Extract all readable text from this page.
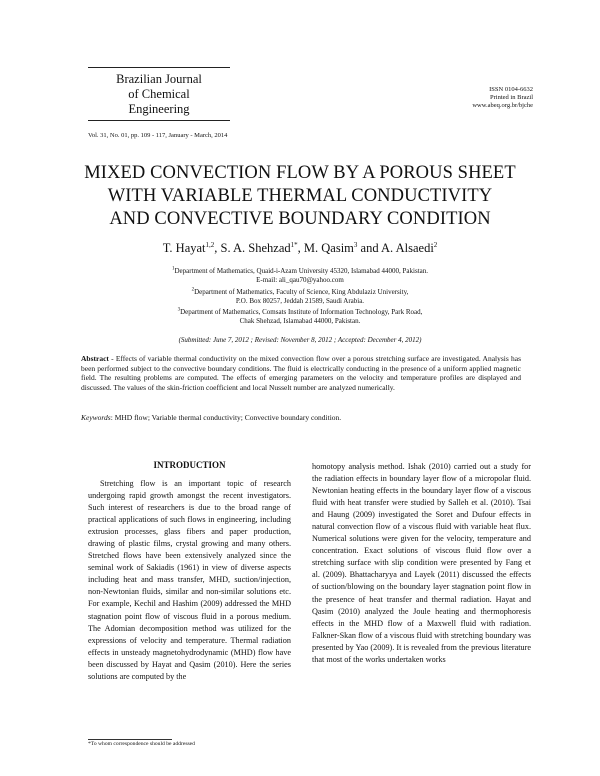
Brazilian Journal
of Chemical
Engineering
ISSN 0104-6632
Printed in Brazil
www.abeq.org.br/bjche
Vol. 31, No. 01, pp. 109 - 117, January - March, 2014
MIXED CONVECTION FLOW BY A POROUS SHEET
WITH VARIABLE THERMAL CONDUCTIVITY
AND CONVECTIVE BOUNDARY CONDITION
T. Hayat$^{1,2}$, S. A. Shehzad$^{1*}$, M. Qasim$^3$ and A. Alsaedi$^2$
$^1$Department of Mathematics, Quaid-i-Azam University 45320, Islamabad 44000, Pakistan.
E-mail: ali_qau70@yahoo.com
$^2$Department of Mathematics, Faculty of Science, King Abdulaziz University,
P.O. Box 80257, Jeddah 21589, Saudi Arabia.
$^3$Department of Mathematics, Comsats Institute of Information Technology, Park Road,
Chak Shehzad, Islamabad 44000, Pakistan.
(Submitted: June 7, 2012 ; Revised: November 8, 2012 ; Accepted: December 4, 2012)
Abstract - Effects of variable thermal conductivity on the mixed convection flow over a porous stretching surface are investigated. Analysis has been performed subject to the convective boundary conditions. The fluid is electrically conducting in the presence of a uniform applied magnetic field. The resulting problems are computed. The effects of emerging parameters on the velocity and temperature profiles are displayed and discussed. The values of the skin-friction coefficient and local Nusselt number are analyzed numerically.
Keywords: MHD flow; Variable thermal conductivity; Convective boundary condition.
INTRODUCTION

Stretching flow is an important topic of research undergoing rapid growth amongst the recent investigators. Such interest of researchers is due to the broad range of practical applications of such flows in engineering, including extrusion processes, glass fibers and paper production, drawing of plastic films, crystal growing and many others. Stretched flows have been extensively analyzed since the seminal work of Sakiadis (1961) in view of diverse aspects including heat and mass transfer, MHD, suction/injection, non-Newtonian fluids, similar and non-similar solutions etc. For example, Kechil and Hashim (2009) addressed the MHD stagnation point flow of viscous fluid in a porous medium. The Adomian decomposition method was utilized for the expressions of velocity and temperature. Thermal radiation effects in unsteady magnetohydrodynamic (MHD) flow have been discussed by Hayat and Qasim (2010). Here the series solutions are computed by the

homotopy analysis method. Ishak (2010) carried out a study for the radiation effects in boundary layer flow of a micropolar fluid. Newtonian heating effects in the boundary layer flow of a viscous fluid with heat transfer were studied by Salleh et al. (2010). Tsai and Haung (2009) investigated the Soret and Dufour effects in natural convection flow of a viscous fluid with variable heat flux. Numerical solutions were given for the velocity, temperature and concentration. Exact solutions of viscous fluid flow over a stretching surface with slip condition were presented by Fang et al. (2009). Bhattacharyya and Layek (2011) discussed the effects of suction/blowing on the boundary layer stagnation point flow in the presence of heat transfer and thermal radiation. Hayat and Qasim (2010) analyzed the Joule heating and thermophoresis effects in the MHD flow of a Maxwell fluid with radiation. Falkner-Skan flow of a viscous fluid with stretching boundary was presented by Yao (2009). It is revealed from the previous literature that most of the works undertaken works

*To whom correspondence should be addressed
